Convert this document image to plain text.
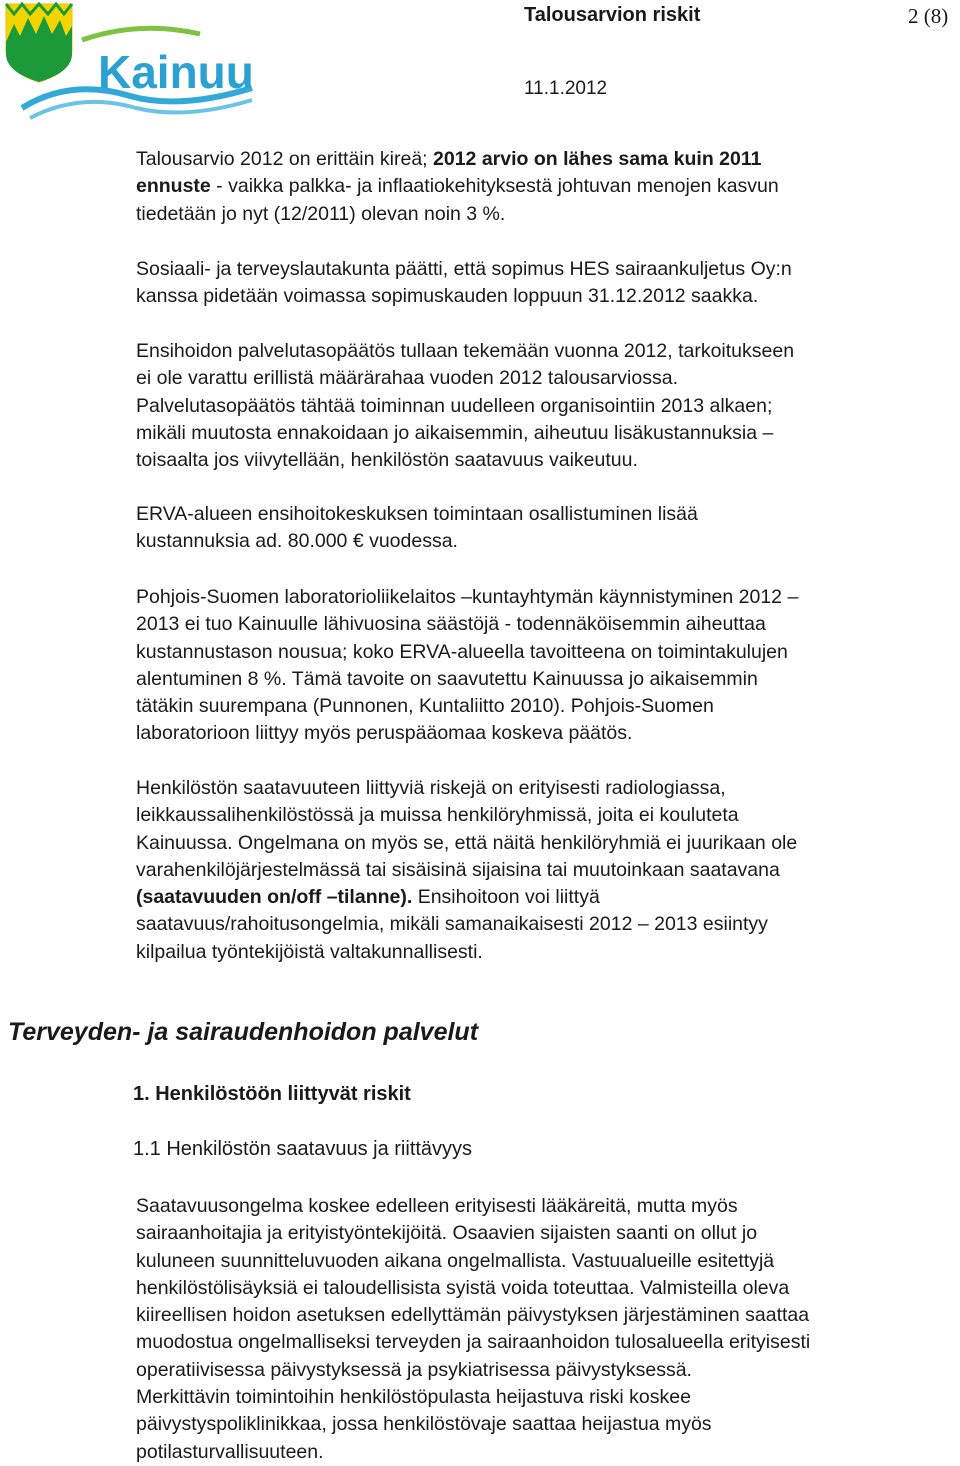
Kainuu
Talousarvion riskit	2 (8)
11.1.2012
Talousarvio 2012 on erittäin kireä; 2012 arvio on lähes sama kuin 2011
ennuste - vaikka palkka- ja inflaatiokehityksestä johtuvan menojen kasvun
tiedetään jo nyt (12/2011) olevan noin 3 %.
Sosiaali- ja terveyslautakunta päätti, että sopimus HES sairaankuljetus Oy:n
kanssa pidetään voimassa sopimuskauden loppuun 31.12.2012 saakka.
Ensihoidon palvelutasopäätös tullaan tekemään vuonna 2012, tarkoitukseen
ei ole varattu erillistä määrärahaa vuoden 2012 talousarviossa.
Palvelutasopäätös tähtää toiminnan uudelleen organisointiin 2013 alkaen;
mikäli muutosta ennakoidaan jo aikaisemmin, aiheutuu lisäkustannuksia –
toisaalta jos viivytellään, henkilöstön saatavuus vaikeutuu.
ERVA-alueen ensihoitokeskuksen toimintaan osallistuminen lisää
kustannuksia ad. 80.000 € vuodessa.
Pohjois-Suomen laboratorioliikelaitos –kuntayhtymän käynnistyminen 2012 –
2013 ei tuo Kainuulle lähivuosina säästöjä - todennäköisemmin aiheuttaa
kustannustason nousua; koko ERVA-alueella tavoitteena on toimintakulujen
alentuminen 8 %. Tämä tavoite on saavutettu Kainuussa jo aikaisemmin
tätäkin suurempana (Punnonen, Kuntaliitto 2010). Pohjois-Suomen
laboratorioon liittyy myös peruspääomaa koskeva päätös.
Henkilöstön saatavuuteen liittyviä riskejä on erityisesti radiologiassa,
leikkaussalihenkilöstössä ja muissa henkilöryhmissä, joita ei kouluteta
Kainuussa. Ongelmana on myös se, että näitä henkilöryhmiä ei juurikaan ole
varahenkilöjärjestelmässä tai sisäisinä sijaisina tai muutoinkaan saatavana
(saatavuuden on/off –tilanne). Ensihoitoon voi liittyä
saatavuus/rahoitusongelmia, mikäli samanaikaisesti 2012 – 2013 esiintyy
kilpailua työntekijöistä valtakunnallisesti.
Terveyden- ja sairaudenhoidon palvelut
1. Henkilöstöön liittyvät riskit
1.1 Henkilöstön saatavuus ja riittävyys
Saatavuusongelma koskee edelleen erityisesti lääkäreitä, mutta myös
sairaanhoitajia ja erityistyöntekijöitä. Osaavien sijaisten saanti on ollut jo
kuluneen suunnitteluvuoden aikana ongelmallista. Vastuualueille esitettyjä
henkilöstölisäyksiä ei taloudellisista syistä voida toteuttaa. Valmisteilla oleva
kiireellisen hoidon asetuksen edellyttämän päivystyksen järjestäminen saattaa
muodostua ongelmalliseksi terveyden ja sairaanhoidon tulosalueella erityisesti
operatiivisessa päivystyksessä ja psykiatrisessa päivystyksessä.
Merkittävin toimintoihin henkilöstöpulasta heijastuva riski koskee
päivystyspoliklinikkaa, jossa henkilöstövaje saattaa heijastua myös
potilasturvallisuuteen.
